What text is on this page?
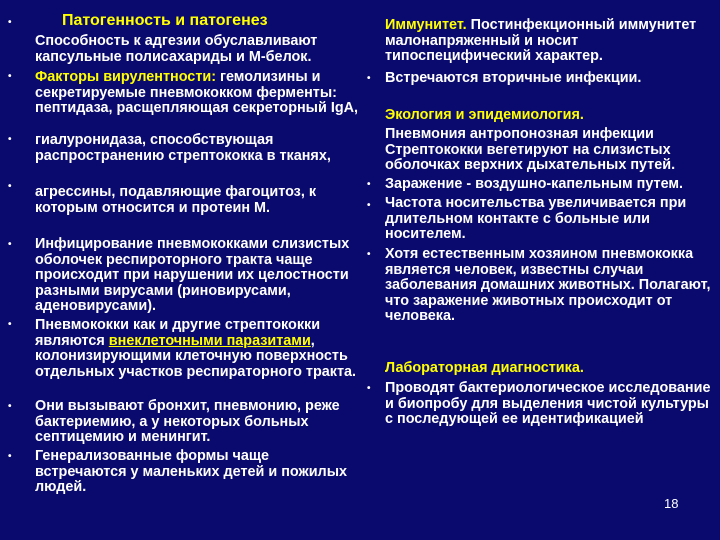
•	Патогенность и патогенез
Способность к адгезии обуславливают капсульные полисахариды и М-белок.
• Факторы вирулентности: гемолизины и секретируемые пневмококком ферменты: пептидаза, расщепляющая секреторный IgA,
• гиалуронидаза, способствующая распространению стрептококка в тканях,
• агрессины, подавляющие фагоцитоз, к которым относится и протеин М.
• Инфицирование пневмококками слизистых оболочек респироторного тракта чаще происходит при нарушении их целостности разными вирусами (риновирусами, аденовирусами).
• Пневмококки как и другие стрептококки являются внеклеточными паразитами, колонизирующими клеточную поверхность отдельных участков респираторного тракта.
• Они вызывают бронхит, пневмонию, реже бактериемию, а у некоторых больных септицемию и менингит.
• Генерализованные формы чаще встречаются у маленьких детей и пожилых людей.
Иммунитет. Постинфекционный иммунитет малонапряженный и носит типоспецифический характер.
• Встречаются вторичные инфекции.
Экология и эпидемиология.
Пневмония антропонозная инфекции Стрептококки вегетируют на слизистых оболочках верхних дыхательных путей.
• Заражение - воздушно-капельным путем.
• Частота носительства увеличивается при длительном контакте с больные или носителем.
• Хотя естественным хозяином пневмококка является человек, известны случаи заболевания домашних животных. Полагают, что заражение животных происходит от человека.
Лабораторная диагностика.
• Проводят бактериологическое исследование и биопробу для выделения чистой культуры с последующей ее идентификацией
18
